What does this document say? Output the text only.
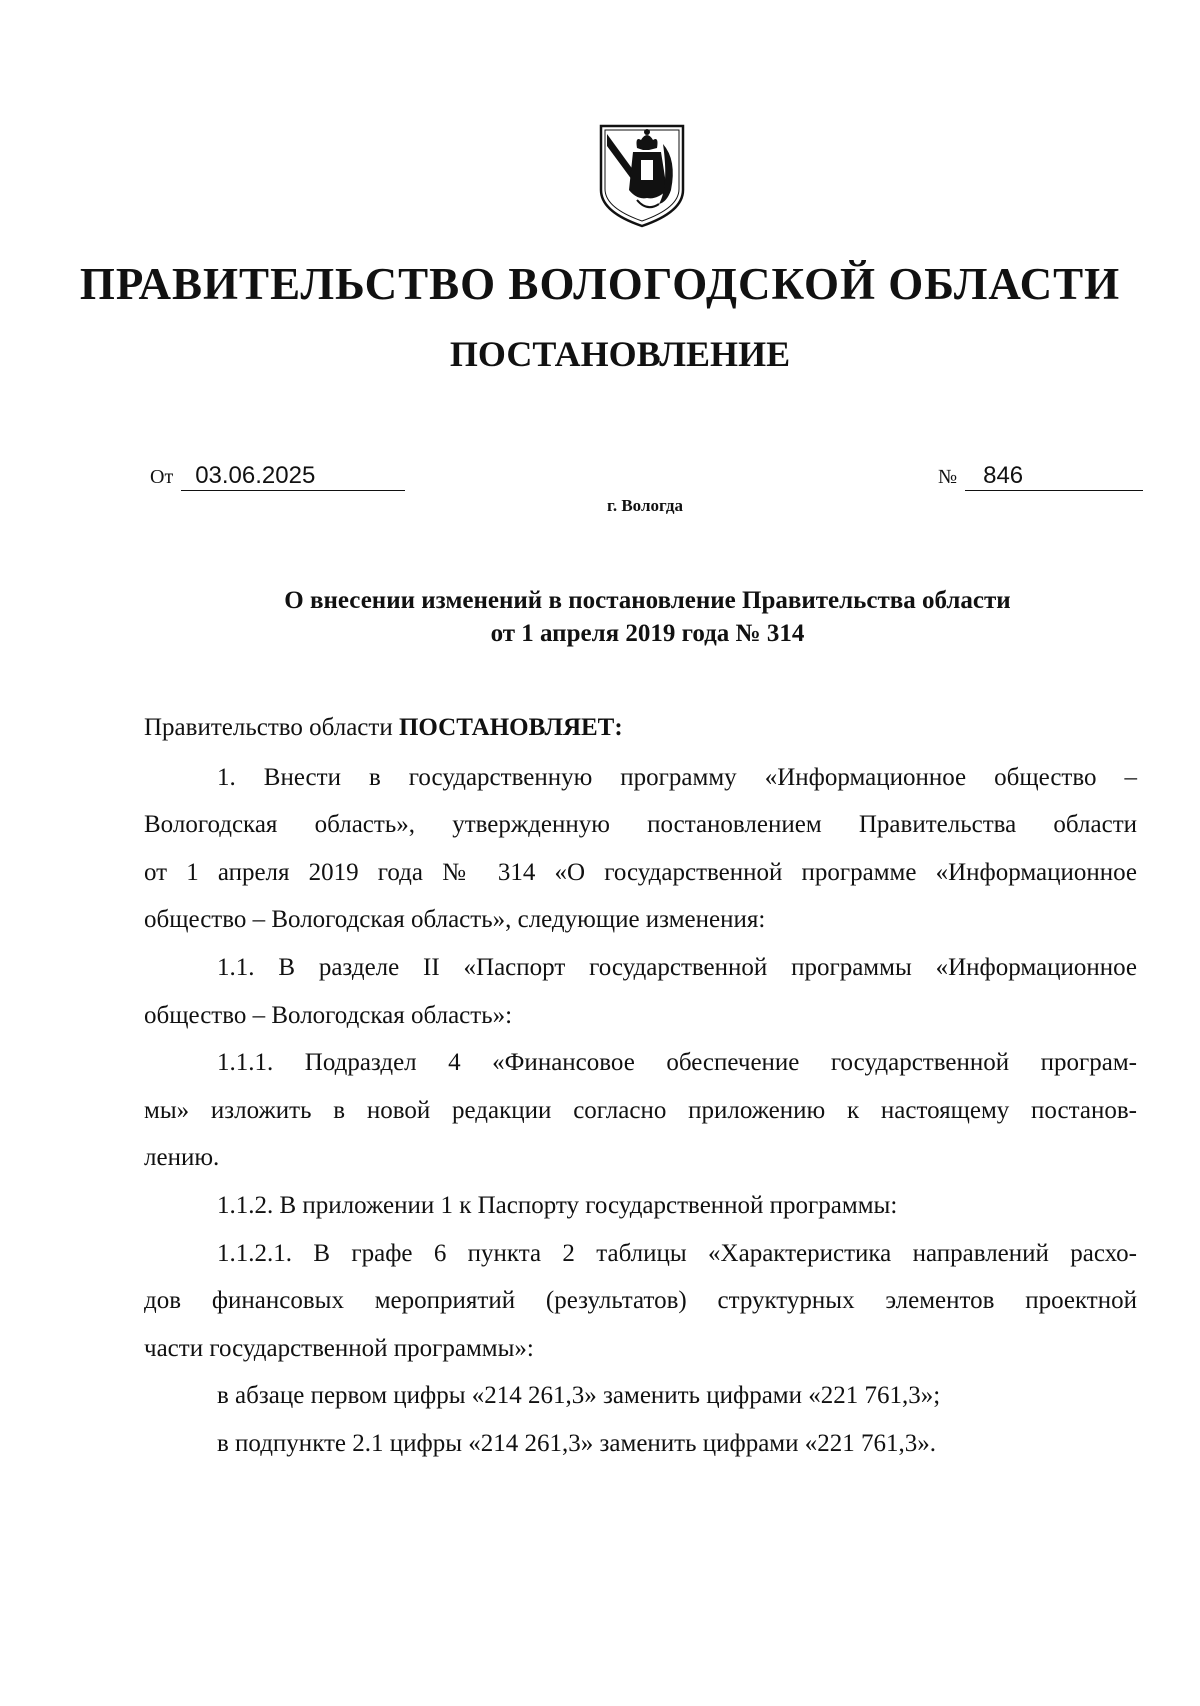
ПРАВИТЕЛЬСТВО ВОЛОГОДСКОЙ ОБЛАСТИ
ПОСТАНОВЛЕНИЕ
От 03.06.2025	№ 846
г. Вологда
О внесении изменений в постановление Правительства области
от 1 апреля 2019 года № 314

Правительство области ПОСТАНОВЛЯЕТ:

1. Внести в государственную программу «Информационное общество –
Вологодская область», утвержденную постановлением Правительства области
от 1 апреля 2019 года № 314 «О государственной программе «Информационное
общество – Вологодская область», следующие изменения:
1.1. В разделе II «Паспорт государственной программы «Информационное
общество – Вологодская область»:
1.1.1. Подраздел 4 «Финансовое обеспечение государственной програм-
мы» изложить в новой редакции согласно приложению к настоящему постанов-
лению.
1.1.2. В приложении 1 к Паспорту государственной программы:
1.1.2.1. В графе 6 пункта 2 таблицы «Характеристика направлений расхо-
дов финансовых мероприятий (результатов) структурных элементов проектной
части государственной программы»:
в абзаце первом цифры «214 261,3» заменить цифрами «221 761,3»;
в подпункте 2.1 цифры «214 261,3» заменить цифрами «221 761,3».
